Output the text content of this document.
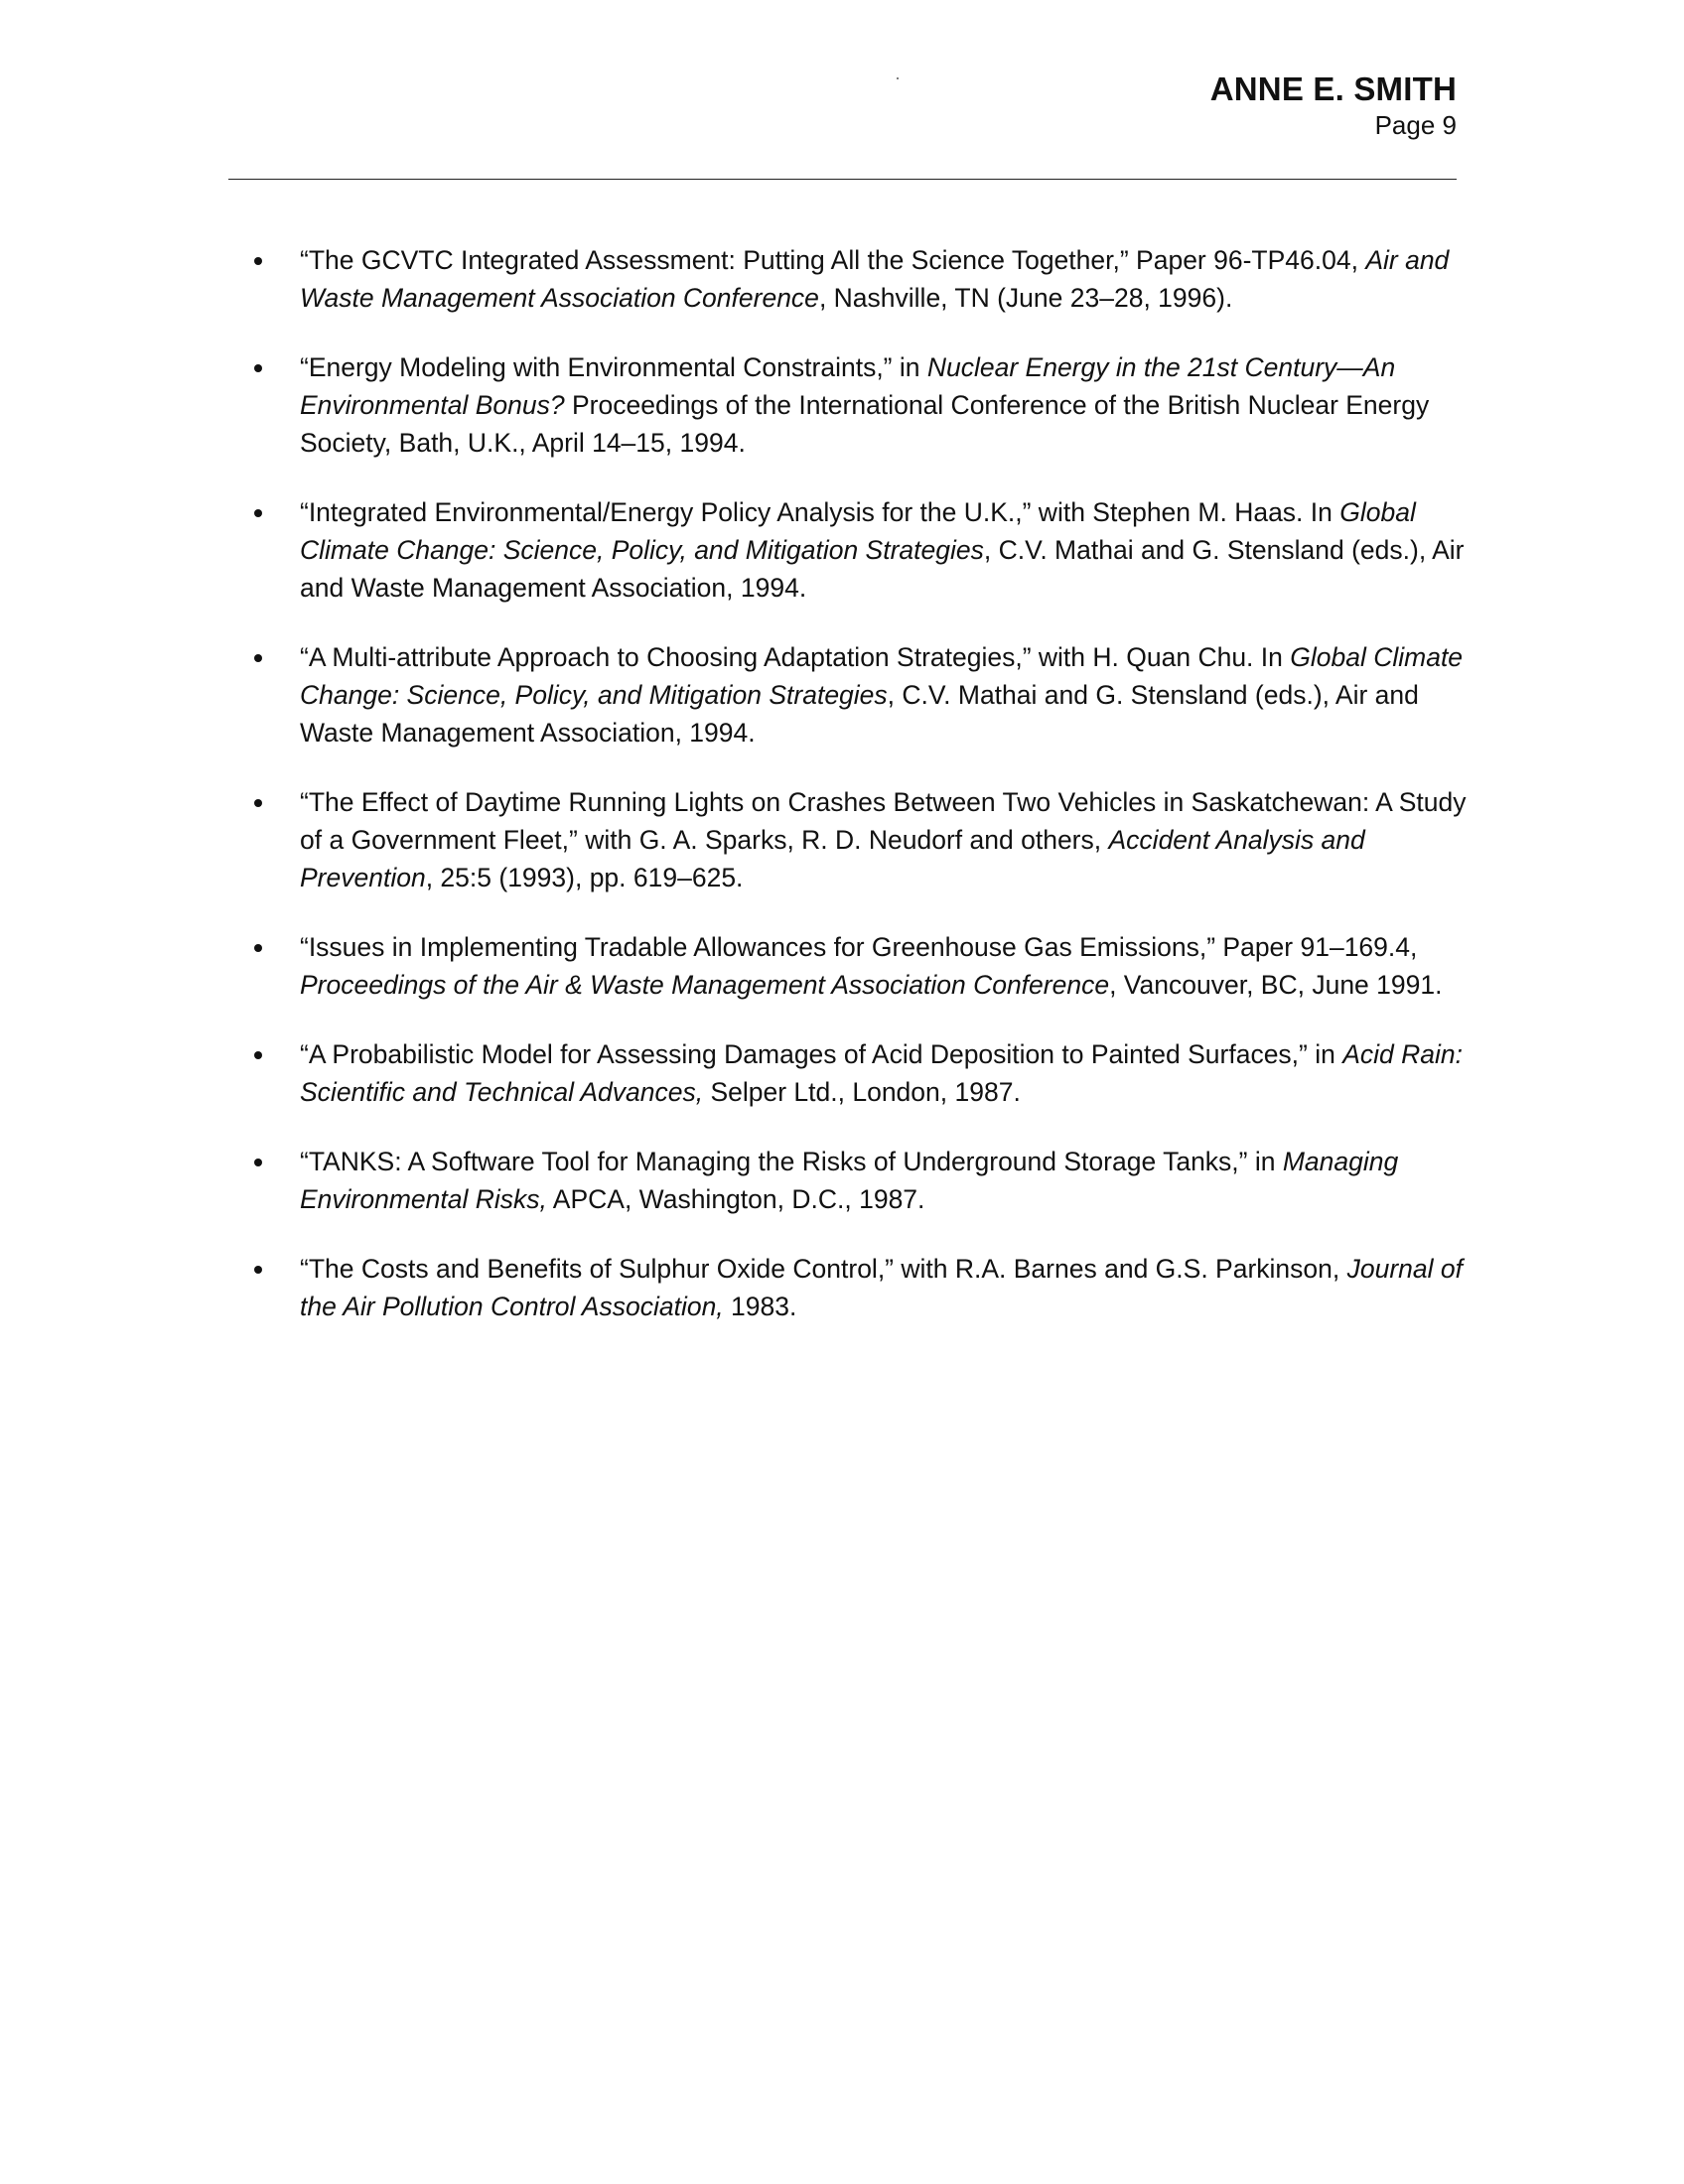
ANNE E. SMITH
Page 9
“The GCVTC Integrated Assessment: Putting All the Science Together,” Paper 96-TP46.04, Air and Waste Management Association Conference, Nashville, TN (June 23–28, 1996).
“Energy Modeling with Environmental Constraints,” in Nuclear Energy in the 21st Century—An Environmental Bonus? Proceedings of the International Conference of the British Nuclear Energy Society, Bath, U.K., April 14–15, 1994.
“Integrated Environmental/Energy Policy Analysis for the U.K.,” with Stephen M. Haas. In Global Climate Change: Science, Policy, and Mitigation Strategies, C.V. Mathai and G. Stensland (eds.), Air and Waste Management Association, 1994.
“A Multi-attribute Approach to Choosing Adaptation Strategies,” with H. Quan Chu. In Global Climate Change: Science, Policy, and Mitigation Strategies, C.V. Mathai and G. Stensland (eds.), Air and Waste Management Association, 1994.
“The Effect of Daytime Running Lights on Crashes Between Two Vehicles in Saskatchewan: A Study of a Government Fleet,” with G. A. Sparks, R. D. Neudorf and others, Accident Analysis and Prevention, 25:5 (1993), pp. 619–625.
“Issues in Implementing Tradable Allowances for Greenhouse Gas Emissions,” Paper 91–169.4, Proceedings of the Air & Waste Management Association Conference, Vancouver, BC, June 1991.
“A Probabilistic Model for Assessing Damages of Acid Deposition to Painted Surfaces,” in Acid Rain: Scientific and Technical Advances, Selper Ltd., London, 1987.
“TANKS: A Software Tool for Managing the Risks of Underground Storage Tanks,” in Managing Environmental Risks, APCA, Washington, D.C., 1987.
“The Costs and Benefits of Sulphur Oxide Control,” with R.A. Barnes and G.S. Parkinson, Journal of the Air Pollution Control Association, 1983.
